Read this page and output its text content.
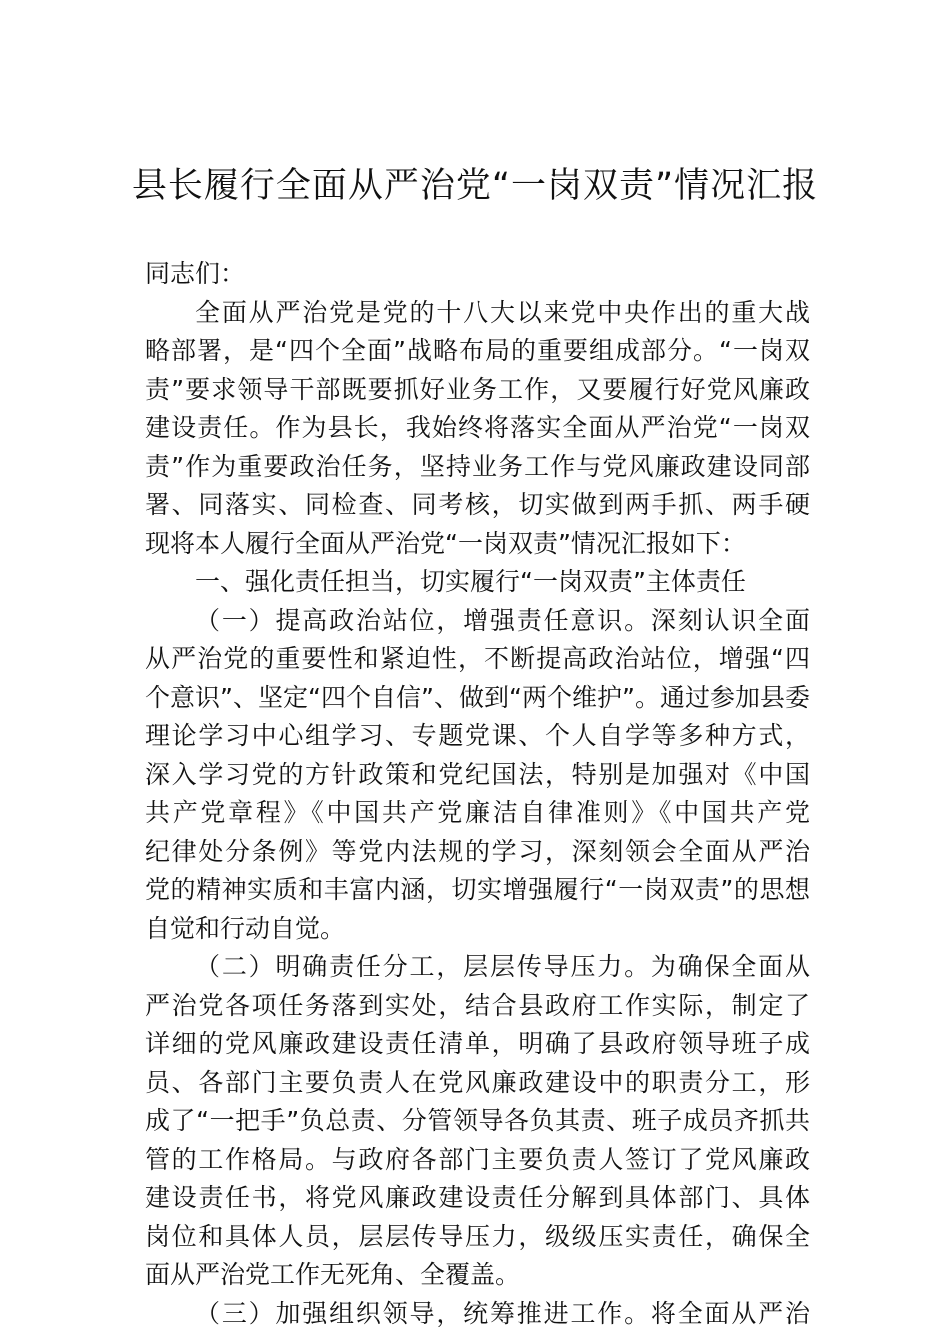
县长履行全面从严治党“一岗双责”情况汇报
同志们：
全面从严治党是党的十八大以来党中央作出的重大战
略部署，是“四个全面”战略布局的重要组成部分。“一岗双
责”要求领导干部既要抓好业务工作，又要履行好党风廉政
建设责任。作为县长，我始终将落实全面从严治党“一岗双
责”作为重要政治任务，坚持业务工作与党风廉政建设同部
署、同落实、同检查、同考核，切实做到两手抓、两手硬
现将本人履行全面从严治党“一岗双责”情况汇报如下：
一、强化责任担当，切实履行“一岗双责”主体责任
（一）提高政治站位，增强责任意识。深刻认识全面
从严治党的重要性和紧迫性，不断提高政治站位，增强“四
个意识”、坚定“四个自信”、做到“两个维护”。通过参加县委
理论学习中心组学习、专题党课、个人自学等多种方式，
深入学习党的方针政策和党纪国法，特别是加强对《中国
共产党章程》《中国共产党廉洁自律准则》《中国共产党
纪律处分条例》等党内法规的学习，深刻领会全面从严治
党的精神实质和丰富内涵，切实增强履行“一岗双责”的思想
自觉和行动自觉。
（二）明确责任分工，层层传导压力。为确保全面从
严治党各项任务落到实处，结合县政府工作实际，制定了
详细的党风廉政建设责任清单，明确了县政府领导班子成
员、各部门主要负责人在党风廉政建设中的职责分工，形
成了“一把手”负总责、分管领导各负其责、班子成员齐抓共
管的工作格局。与政府各部门主要负责人签订了党风廉政
建设责任书，将党风廉政建设责任分解到具体部门、具体
岗位和具体人员，层层传导压力，级级压实责任，确保全
面从严治党工作无死角、全覆盖。
（三）加强组织领导，统筹推进工作。将全面从严治
